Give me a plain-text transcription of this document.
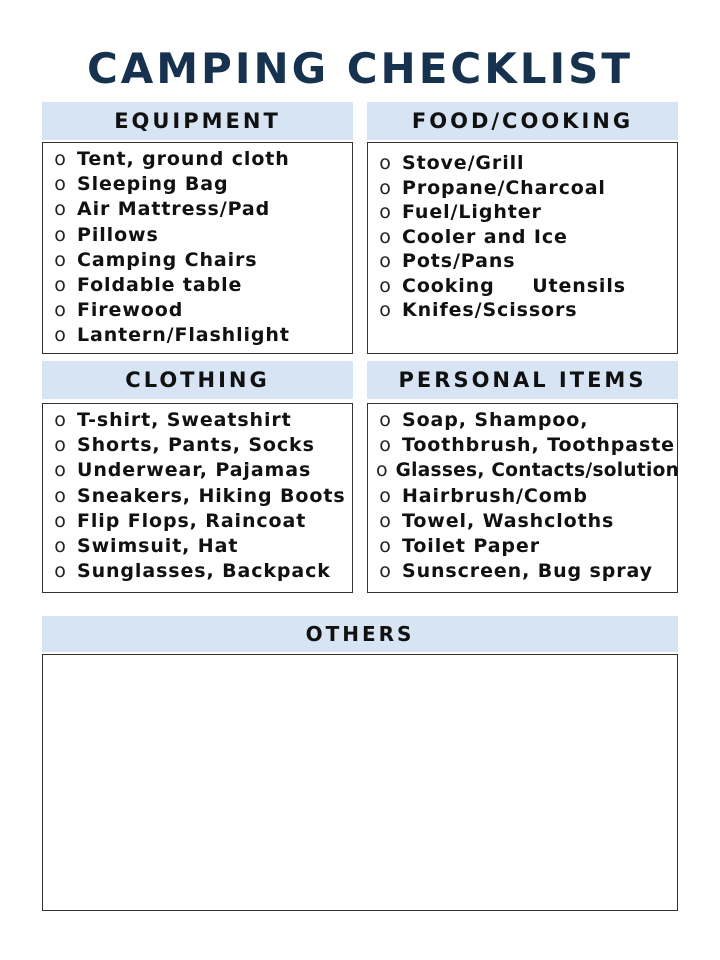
CAMPING CHECKLIST
EQUIPMENT
o Tent, ground cloth
o Sleeping Bag
o Air Mattress/Pad
o Pillows
o Camping Chairs
o Foldable table
o Firewood
o Lantern/Flashlight
FOOD/COOKING
o Stove/Grill
o Propane/Charcoal
o Fuel/Lighter
o Cooler and Ice
o Pots/Pans
o Cooking     Utensils
o Knifes/Scissors
CLOTHING
o T-shirt, Sweatshirt
o Shorts, Pants, Socks
o Underwear, Pajamas
o Sneakers, Hiking Boots
o Flip Flops, Raincoat
o Swimsuit, Hat
o Sunglasses, Backpack
PERSONAL ITEMS
o Soap, Shampoo,
o Toothbrush, Toothpaste
o Glasses, Contacts/solution
o Hairbrush/Comb
o Towel, Washcloths
o Toilet Paper
o Sunscreen, Bug spray
OTHERS
